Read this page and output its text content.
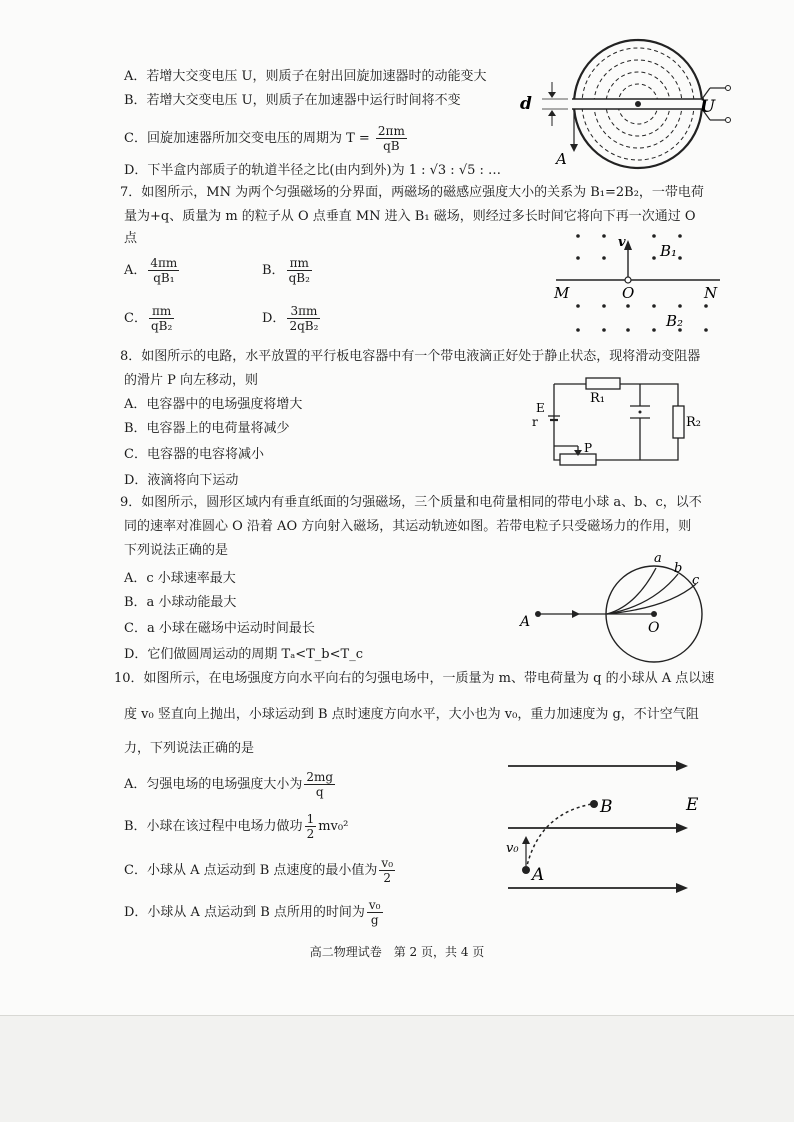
A．若增大交变电压 U，则质子在射出回旋加速器时的动能变大
B．若增大交变电压 U，则质子在加速器中运行时间将不变
C．回旋加速器所加交变电压的周期为 $T = \frac{2\pi m}{qB}$
D．下半盒内部质子的轨道半径之比(由内到外)为 1 : √3 : √5 : …
d	U
A
7．如图所示，MN 为两个匀强磁场的分界面，两磁场的磁感应强度大小的关系为 B₁=2B₂，一带电荷
量为+q、质量为 m 的粒子从 O 点垂直 MN 进入 B₁ 磁场，则经过多长时间它将向下再一次通过 O
点
A． $\frac{4\pi m}{\text{qB₁}}$	B． $\frac{\pi m}{\text{qB₂}}$
C． $\frac{\pi m}{\text{qB₂}}$	D． $\frac{3\pi m}{\text{2qB₂}}$
v B₁
B₂
M	O	N
8．如图所示的电路，水平放置的平行板电容器中有一个带电液滴正好处于静止状态，现将滑动变阻器
的滑片 P 向左移动，则
A．电容器中的电场强度将增大
B．电容器上的电荷量将减少
C．电容器的电容将减小
D．液滴将向下运动
R₁
R₂
E
r
P
9．如图所示，圆形区域内有垂直纸面的匀强磁场，三个质量和电荷量相同的带电小球 a、b、c，以不
同的速率对准圆心 O 沿着 AO 方向射入磁场，其运动轨迹如图。若带电粒子只受磁场力的作用，则
下列说法正确的是
A．c 小球速率最大
B．a 小球动能最大
C．a 小球在磁场中运动时间最长
D．它们做圆周运动的周期 Tₐ<T_b<T_c
a
b
c
A	O
10．如图所示，在电场强度方向水平向右的匀强电场中，一质量为 m、带电荷量为 q 的小球从 A 点以速
度 v₀ 竖直向上抛出，小球运动到 B 点时速度方向水平，大小也为 v₀，重力加速度为 g，不计空气阻
力，下列说法正确的是
A．匀强电场的电场强度大小为 $\frac{2mg}{q}$
B．小球在该过程中电场力做功 $\frac{1}{2} mv_0^2$
C．小球从 A 点运动到 B 点速度的最小值为 $\frac{\text{v₀}}{2}$
D．小球从 A 点运动到 B 点所用的时间为 $\frac{\text{v₀}}{g}$
B	E
v₀
A
高二物理试卷　第 2 页，共 4 页
